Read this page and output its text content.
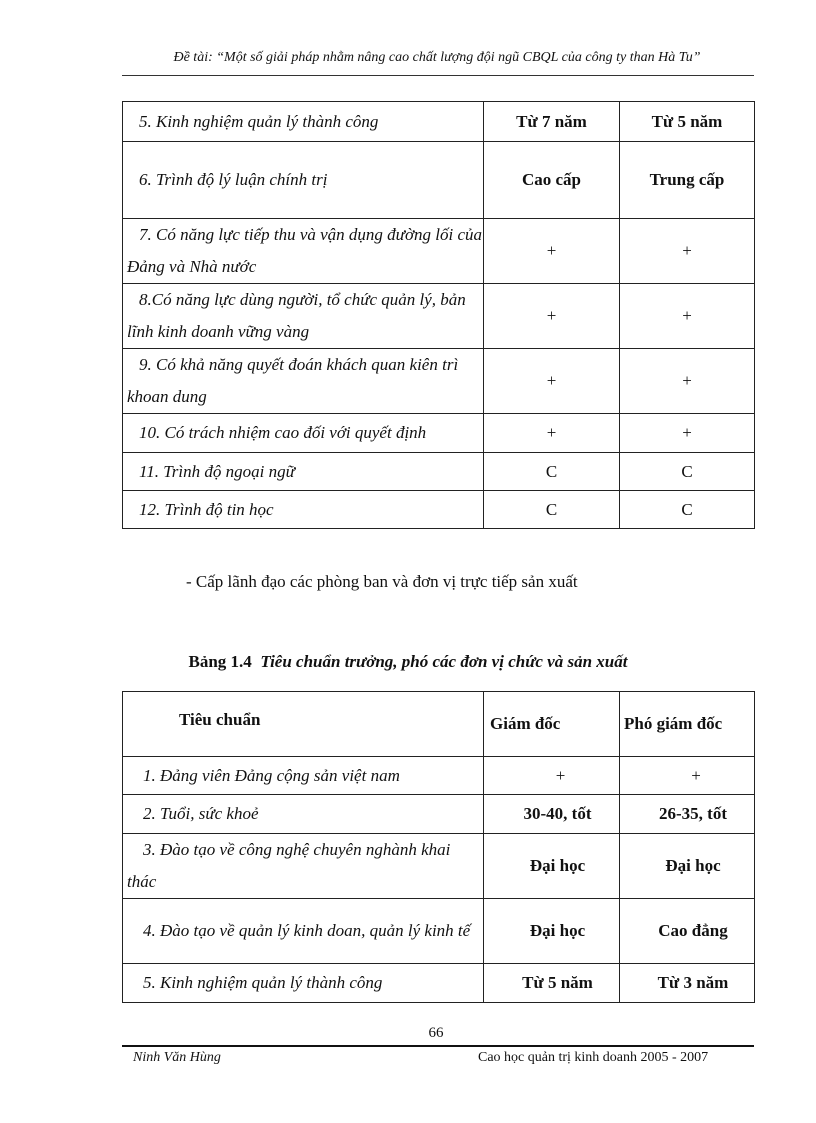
Đề tài: “Một số giải pháp nhằm nâng cao chất lượng đội ngũ CBQL của công ty than Hà Tu”
5. Kinh nghiệm quản lý thành công	Từ 7 năm	Từ 5 năm
6. Trình độ lý luận chính trị	Cao cấp	Trung cấp
7. Có năng lực tiếp thu và vận dụng đường lối của Đảng và Nhà nước	+	+
8.Có năng lực dùng người, tổ chức quản lý, bản lĩnh kinh doanh vững vàng	+	+
9. Có khả năng quyết đoán khách quan kiên trì khoan dung	+	+
10. Có trách nhiệm cao đối với quyết định	+	+
11. Trình độ ngoại ngữ	C	C
12. Trình độ tin học	C	C
- Cấp lãnh đạo các phòng ban và đơn vị trực tiếp sản xuất
Bảng 1.4 Tiêu chuẩn trưởng, phó các đơn vị chức và sản xuất
Tiêu chuẩn	Giám đốc	Phó giám đốc
1. Đảng viên Đảng cộng sản việt nam	+	+
2. Tuổi, sức khoẻ	30-40, tốt	26-35, tốt
3. Đào tạo về công nghệ chuyên nghành khai thác	Đại học	Đại học
4. Đào tạo về quản lý kinh doan, quản lý kinh tế	Đại học	Cao đẳng
5. Kinh nghiệm quản lý thành công	Từ 5 năm	Từ 3 năm
66
Ninh Văn Hùng	Cao học quản trị kinh doanh 2005 - 2007
